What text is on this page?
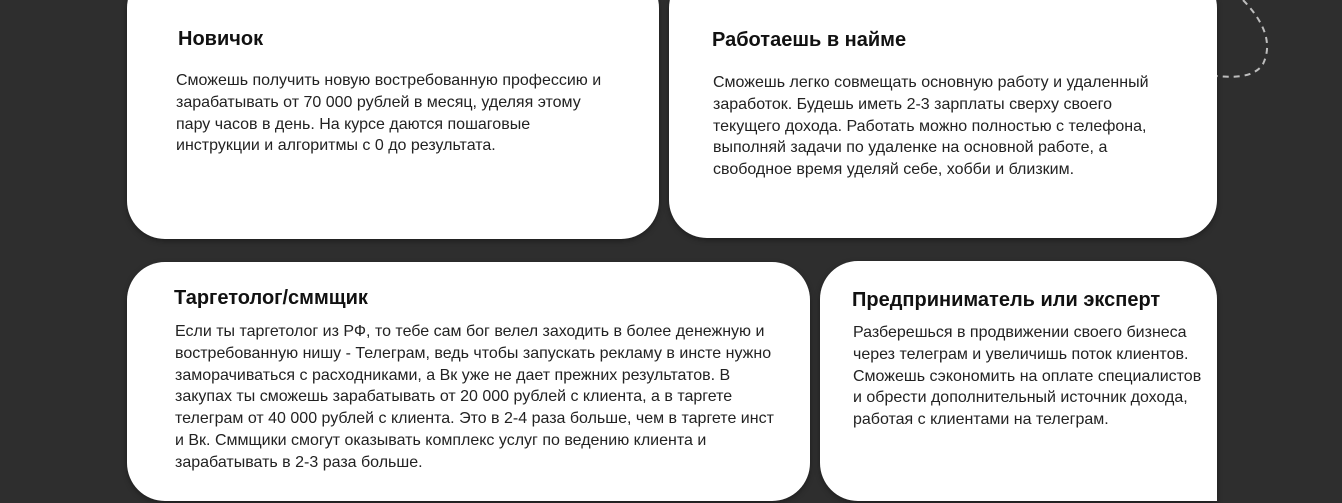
Новичок

Сможешь получить новую востребованную профессию и зарабатывать от 70 000 рублей в месяц, уделяя этому пару часов в день. На курсе даются пошаговые инструкции и алгоритмы с 0 до результата.

Работаешь в найме

Сможешь легко совмещать основную работу и удаленный заработок. Будешь иметь 2-3 зарплаты сверху своего текущего дохода. Работать можно полностью с телефона, выполняй задачи по удаленке на основной работе, а свободное время уделяй себе, хобби и близким.

Таргетолог/сммщик

Если ты таргетолог из РФ, то тебе сам бог велел заходить в более денежную и востребованную нишу - Телеграм, ведь чтобы запускать рекламу в инсте нужно заморачиваться с расходниками, а Вк уже не дает прежних результатов. В закупах ты сможешь зарабатывать от 20 000 рублей с клиента, а в таргете телеграм от 40 000 рублей с клиента. Это в 2-4 раза больше, чем в таргете инст и Вк. Сммщики смогут оказывать комплекс услуг по ведению клиента и зарабатывать в 2-3 раза больше.

Предприниматель или эксперт

Разберешься в продвижении своего бизнеса через телеграм и увеличишь поток клиентов. Сможешь сэкономить на оплате специалистов и обрести дополнительный источник дохода, работая с клиентами на телеграм.
